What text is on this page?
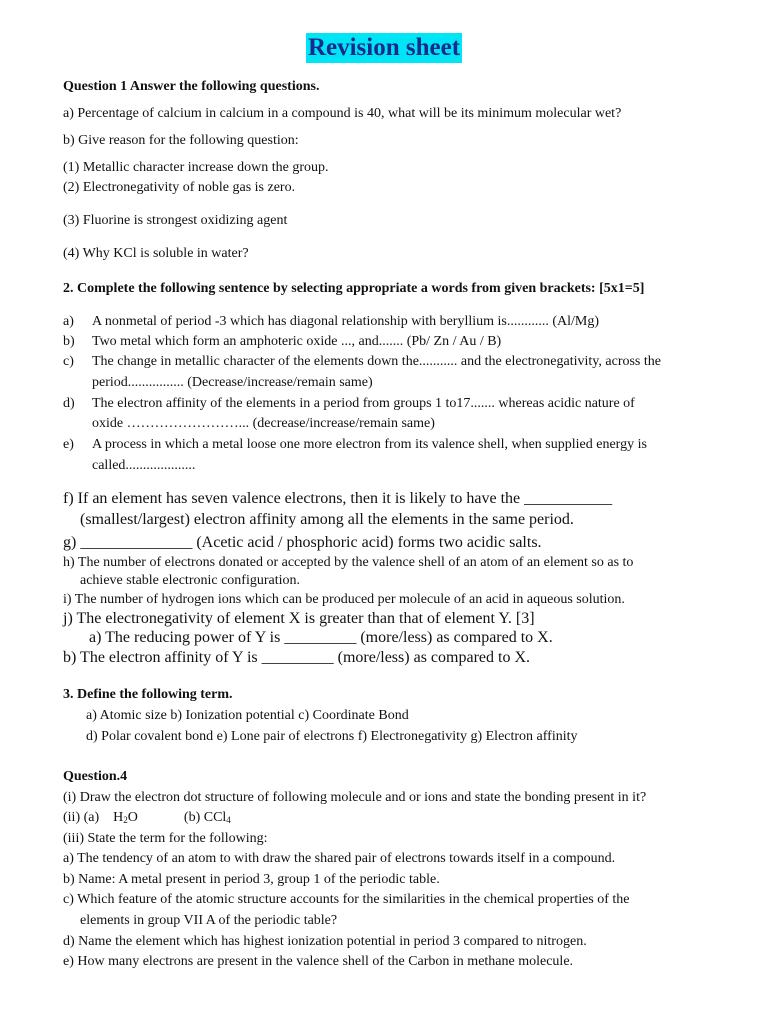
Revision sheet
Question 1 Answer the following questions.
a) Percentage of calcium in calcium in a compound is 40, what will be its minimum molecular wet?
b) Give reason for the following question:
(1) Metallic character increase down the group.
(2) Electronegativity of noble gas is zero.
(3) Fluorine is strongest oxidizing agent
(4) Why KCl is soluble in water?
2. Complete the following sentence by selecting appropriate a words from given brackets: [5x1=5]
a) A nonmetal of period -3 which has diagonal relationship with beryllium is............ (Al/Mg)
b) Two metal which form an amphoteric oxide ..., and....... (Pb/ Zn / Au / B)
c) The change in metallic character of the elements down the........... and the electronegativity, across the
period................ (Decrease/increase/remain same)
d) The electron affinity of the elements in a period from groups 1 to17....... whereas acidic nature of
oxide ……………………... (decrease/increase/remain same)
e) A process in which a metal loose one more electron from its valence shell, when supplied energy is
called....................
f) If an element has seven valence electrons, then it is likely to have the ___________
(smallest/largest) electron affinity among all the elements in the same period.
g) ______________ (Acetic acid / phosphoric acid) forms two acidic salts.
h) The number of electrons donated or accepted by the valence shell of an atom of an element so as to
achieve stable electronic configuration.
i) The number of hydrogen ions which can be produced per molecule of an acid in aqueous solution.
j) The electronegativity of element X is greater than that of element Y. [3]
a) The reducing power of Y is _________ (more/less) as compared to X.
b) The electron affinity of Y is _________ (more/less) as compared to X.
3. Define the following term.
a) Atomic size b) Ionization potential c) Coordinate Bond
d) Polar covalent bond e) Lone pair of electrons f) Electronegativity g) Electron affinity
Question.4
(i) Draw the electron dot structure of following molecule and or ions and state the bonding present in it?
(ii) (a) $H_2O$	(b) CCl$_4$
(iii) State the term for the following:
a) The tendency of an atom to with draw the shared pair of electrons towards itself in a compound.
b) Name: A metal present in period 3, group 1 of the periodic table.
c) Which feature of the atomic structure accounts for the similarities in the chemical properties of the
elements in group VII A of the periodic table?
d) Name the element which has highest ionization potential in period 3 compared to nitrogen.
e) How many electrons are present in the valence shell of the Carbon in methane molecule.
